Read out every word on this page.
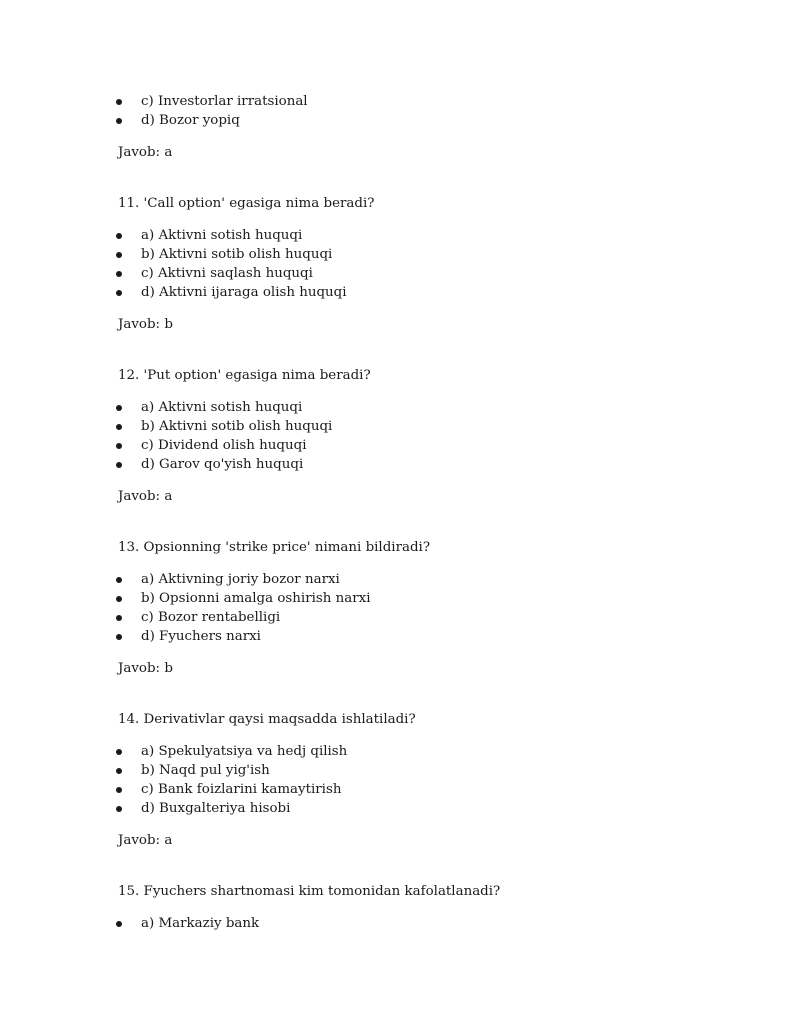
c) Investorlar irratsional
d) Bozor yopiq
Javob: a
11. 'Call option' egasiga nima beradi?
a) Aktivni sotish huquqi
b) Aktivni sotib olish huquqi
c) Aktivni saqlash huquqi
d) Aktivni ijaraga olish huquqi
Javob: b
12. 'Put option' egasiga nima beradi?
a) Aktivni sotish huquqi
b) Aktivni sotib olish huquqi
c) Dividend olish huquqi
d) Garov qo'yish huquqi
Javob: a
13. Opsionning 'strike price' nimani bildiradi?
a) Aktivning joriy bozor narxi
b) Opsionni amalga oshirish narxi
c) Bozor rentabelligi
d) Fyuchers narxi
Javob: b
14. Derivativlar qaysi maqsadda ishlatiladi?
a) Spekulyatsiya va hedj qilish
b) Naqd pul yig'ish
c) Bank foizlarini kamaytirish
d) Buxgalteriya hisobi
Javob: a
15. Fyuchers shartnomasi kim tomonidan kafolatlanadi?
a) Markaziy bank
